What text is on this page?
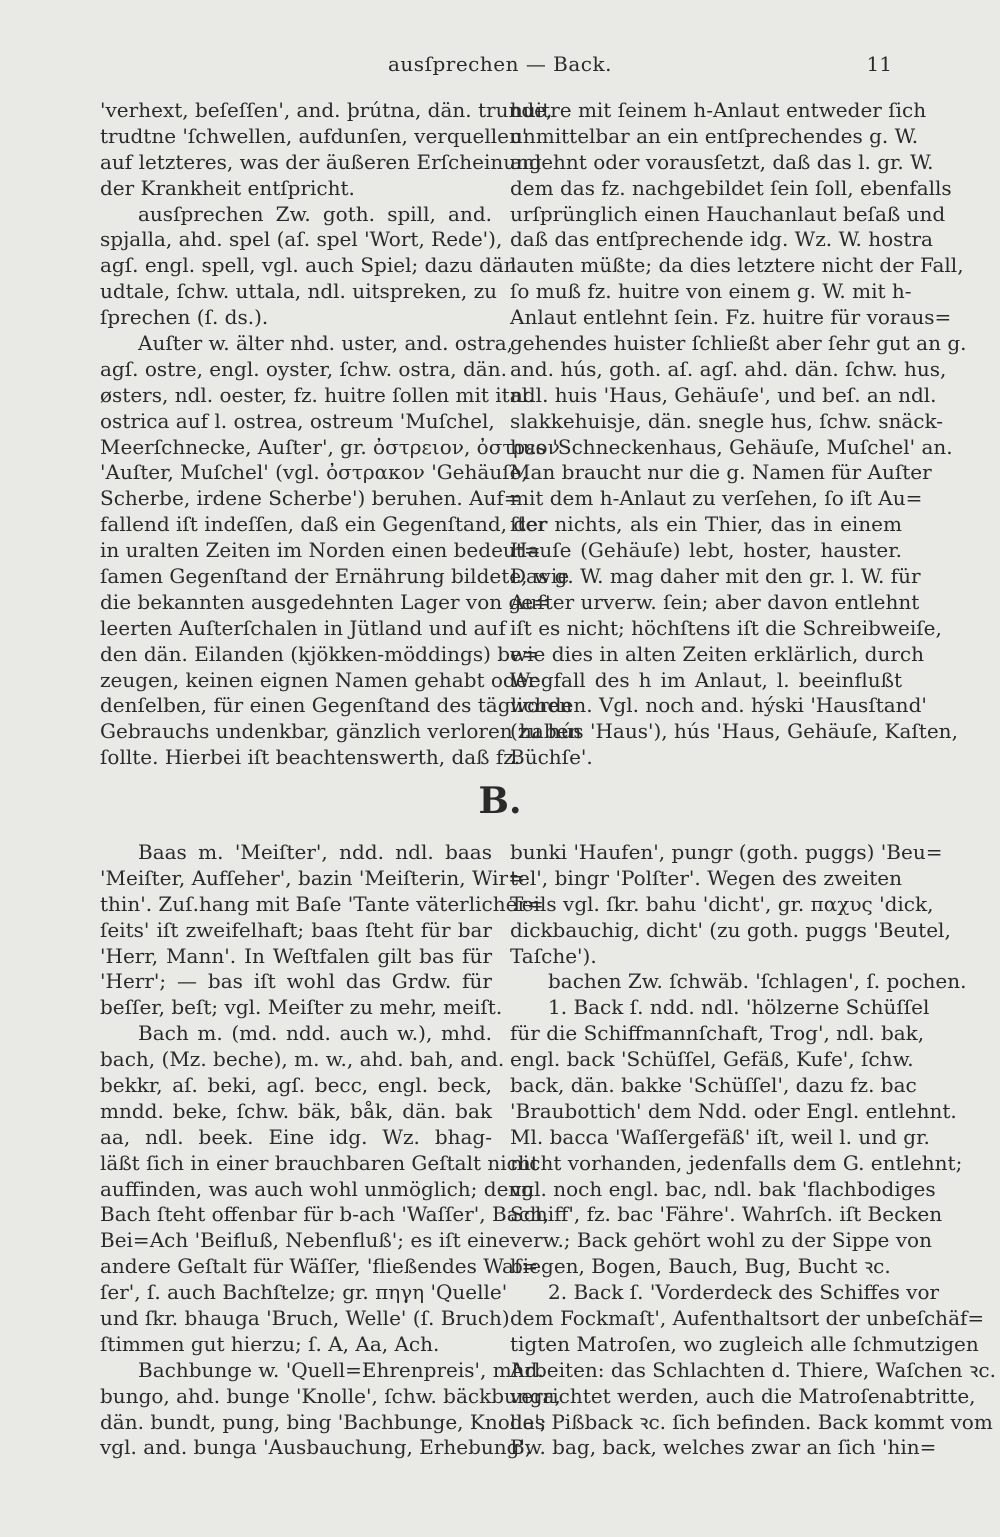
ausſprechen — Back.	11
'verhext, beſeſſen', and. þrútna, dän. trunde,
trudtne 'ſchwellen, aufdunſen, verquellen'
auf letzteres, was der äußeren Erſcheinung
der Krankheit entſpricht.
ausſprechen Zw. goth. spill, and.
spjalla, ahd. spel (aſ. spel 'Wort, Rede'),
agſ. engl. spell, vgl. auch Spiel; dazu dän.
udtale, ſchw. uttala, ndl. uitspreken, zu
ſprechen (ſ. ds.).
Auſter w. älter nhd. uster, and. ostra,
agſ. ostre, engl. oyster, ſchw. ostra, dän.
østers, ndl. oester, fz. huitre ſollen mit ital.
ostrica auf l. ostrea, ostreum 'Muſchel,
Meerſchnecke, Auſter', gr. ὀστρειον, ὀστρεον
'Auſter, Muſchel' (vgl. ὀστρακον 'Gehäuſe,
Scherbe, irdene Scherbe') beruhen. Auf=
fallend iſt indeſſen, daß ein Gegenſtand, der
in uralten Zeiten im Norden einen bedeut=
ſamen Gegenſtand der Ernährung bildete, wie
die bekannten ausgedehnten Lager von ge=
leerten Auſterſchalen in Jütland und auf
den dän. Eilanden (kjökken-möddings) be=
zeugen, keinen eignen Namen gehabt oder
denſelben, für einen Gegenſtand des täglichen
Gebrauchs undenkbar, gänzlich verloren haben
ſollte. Hierbei iſt beachtenswerth, daß fz.
huitre mit ſeinem h-Anlaut entweder ſich
unmittelbar an ein entſprechendes g. W.
anlehnt oder vorausſetzt, daß das l. gr. W.
dem das fz. nachgebildet ſein ſoll, ebenfalls
urſprünglich einen Hauchanlaut beſaß und
daß das entſprechende idg. Wz. W. hostra
lauten müßte; da dies letztere nicht der Fall,
ſo muß fz. huitre von einem g. W. mit h-
Anlaut entlehnt ſein. Fz. huitre für voraus=
gehendes huister ſchließt aber ſehr gut an g.
and. hús, goth. aſ. agſ. ahd. dän. ſchw. hus,
ndl. huis 'Haus, Gehäuſe', und beſ. an ndl.
slakkehuisje, dän. snegle hus, ſchw. snäck-
hus 'Schneckenhaus, Gehäuſe, Muſchel' an.
Man braucht nur die g. Namen für Auſter
mit dem h-Anlaut zu verſehen, ſo iſt Au=
ſter nichts, als ein Thier, das in einem
Hauſe (Gehäuſe) lebt, hoster, hauster.
Das g. W. mag daher mit den gr. l. W. für
Auſter urverw. ſein; aber davon entlehnt
iſt es nicht; höchſtens iſt die Schreibweiſe,
wie dies in alten Zeiten erklärlich, durch
Wegfall des h im Anlaut, l. beeinflußt
worden. Vgl. noch and. hýski 'Hausſtand'
(zu hús 'Haus'), hús 'Haus, Gehäuſe, Kaſten,
Büchſe'.
B.
Baas m. 'Meiſter', ndd. ndl. baas
'Meiſter, Aufſeher', bazin 'Meiſterin, Wir=
thin'. Zuſ.hang mit Baſe 'Tante väterlicher=
ſeits' iſt zweifelhaft; baas ſteht für bar
'Herr, Mann'. In Weſtfalen gilt bas für
'Herr'; — bas iſt wohl das Grdw. für
beſſer, beſt; vgl. Meiſter zu mehr, meiſt.
Bach m. (md. ndd. auch w.), mhd.
bach, (Mz. beche), m. w., ahd. bah, and.
bekkr, aſ. beki, agſ. becc, engl. beck,
mndd. beke, ſchw. bäk, båk, dän. bak
aa, ndl. beek. Eine idg. Wz. bhag-
läßt ſich in einer brauchbaren Geſtalt nicht
auffinden, was auch wohl unmöglich; denn
Bach ſteht offenbar für b-ach 'Waſſer', Bach,
Bei=Ach 'Beifluß, Nebenfluß'; es iſt eine
andere Geſtalt für Wäſſer, 'fließendes Waſ=
ſer', ſ. auch Bachſtelze; gr. πηγη 'Quelle'
und ſkr. bhauga 'Bruch, Welle' (ſ. Bruch)
ſtimmen gut hierzu; ſ. A, Aa, Ach.
Bachbunge w. 'Quell=Ehrenpreis', mhd.
bungo, ahd. bunge 'Knolle', ſchw. bäckbunga,
dän. bundt, pung, bing 'Bachbunge, Knolle';
vgl. and. bunga 'Ausbauchung, Erhebung',
bunki 'Haufen', pungr (goth. puggs) 'Beu=
tel', bingr 'Polſter'. Wegen des zweiten
Teils vgl. ſkr. bahu 'dicht', gr. παχυς 'dick,
dickbauchig, dicht' (zu goth. puggs 'Beutel,
Taſche').
bachen Zw. ſchwäb. 'ſchlagen', ſ. pochen.
1. Back ſ. ndd. ndl. 'hölzerne Schüſſel
für die Schiffmannſchaft, Trog', ndl. bak,
engl. back 'Schüſſel, Gefäß, Kufe', ſchw.
back, dän. bakke 'Schüſſel', dazu fz. bac
'Braubottich' dem Ndd. oder Engl. entlehnt.
Ml. bacca 'Waſſergefäß' iſt, weil l. und gr.
nicht vorhanden, jedenfalls dem G. entlehnt;
vgl. noch engl. bac, ndl. bak 'flachbodiges
Schiff', fz. bac 'Fähre'. Wahrſch. iſt Becken
verw.; Back gehört wohl zu der Sippe von
biegen, Bogen, Bauch, Bug, Bucht ꝛc.
2. Back ſ. 'Vorderdeck des Schiffes vor
dem Fockmaſt', Aufenthaltsort der unbeſchäf=
tigten Matroſen, wo zugleich alle ſchmutzigen
Arbeiten: das Schlachten d. Thiere, Waſchen ꝛc.
verrichtet werden, auch die Matroſenabtritte,
das Pißback ꝛc. ſich befinden. Back kommt vom
Bw. bag, back, welches zwar an ſich 'hin=
